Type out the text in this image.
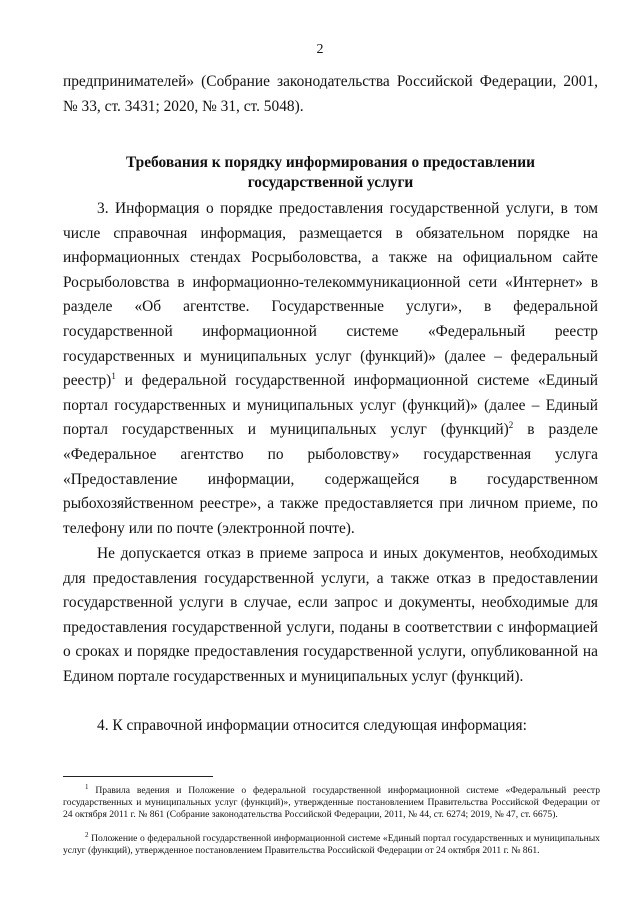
2

предпринимателей» (Собрание законодательства Российской Федерации, 2001, № 33, ст. 3431; 2020, № 31, ст. 5048).

Требования к порядку информирования о предоставлении
государственной услуги

3. Информация о порядке предоставления государственной услуги, в том числе справочная информация, размещается в обязательном порядке на информационных стендах Росрыболовства, а также на официальном сайте Росрыболовства в информационно-телекоммуникационной сети «Интернет» в разделе «Об агентстве. Государственные услуги», в федеральной государственной информационной системе «Федеральный реестр государственных и муниципальных услуг (функций)» (далее – федеральный реестр)$^1$ и федеральной государственной информационной системе «Единый портал государственных и муниципальных услуг (функций)» (далее – Единый портал государственных и муниципальных услуг (функций)$^2$ в разделе «Федеральное агентство по рыболовству» государственная услуга «Предоставление информации, содержащейся в государственном рыбохозяйственном реестре», а также предоставляется при личном приеме, по телефону или по почте (электронной почте).

Не допускается отказ в приеме запроса и иных документов, необходимых для предоставления государственной услуги, а также отказ в предоставлении государственной услуги в случае, если запрос и документы, необходимые для предоставления государственной услуги, поданы в соответствии с информацией о сроках и порядке предоставления государственной услуги, опубликованной на Едином портале государственных и муниципальных услуг (функций).

4. К справочной информации относится следующая информация:

$^1$ Правила ведения и Положение о федеральной государственной информационной системе «Федеральный реестр государственных и муниципальных услуг (функций)», утвержденные постановлением Правительства Российской Федерации от 24 октября 2011 г. № 861 (Собрание законодательства Российской Федерации, 2011, № 44, ст. 6274; 2019, № 47, ст. 6675).

$^2$ Положение о федеральной государственной информационной системе «Единый портал государственных и муниципальных услуг (функций), утвержденное постановлением Правительства Российской Федерации от 24 октября 2011 г. № 861.
